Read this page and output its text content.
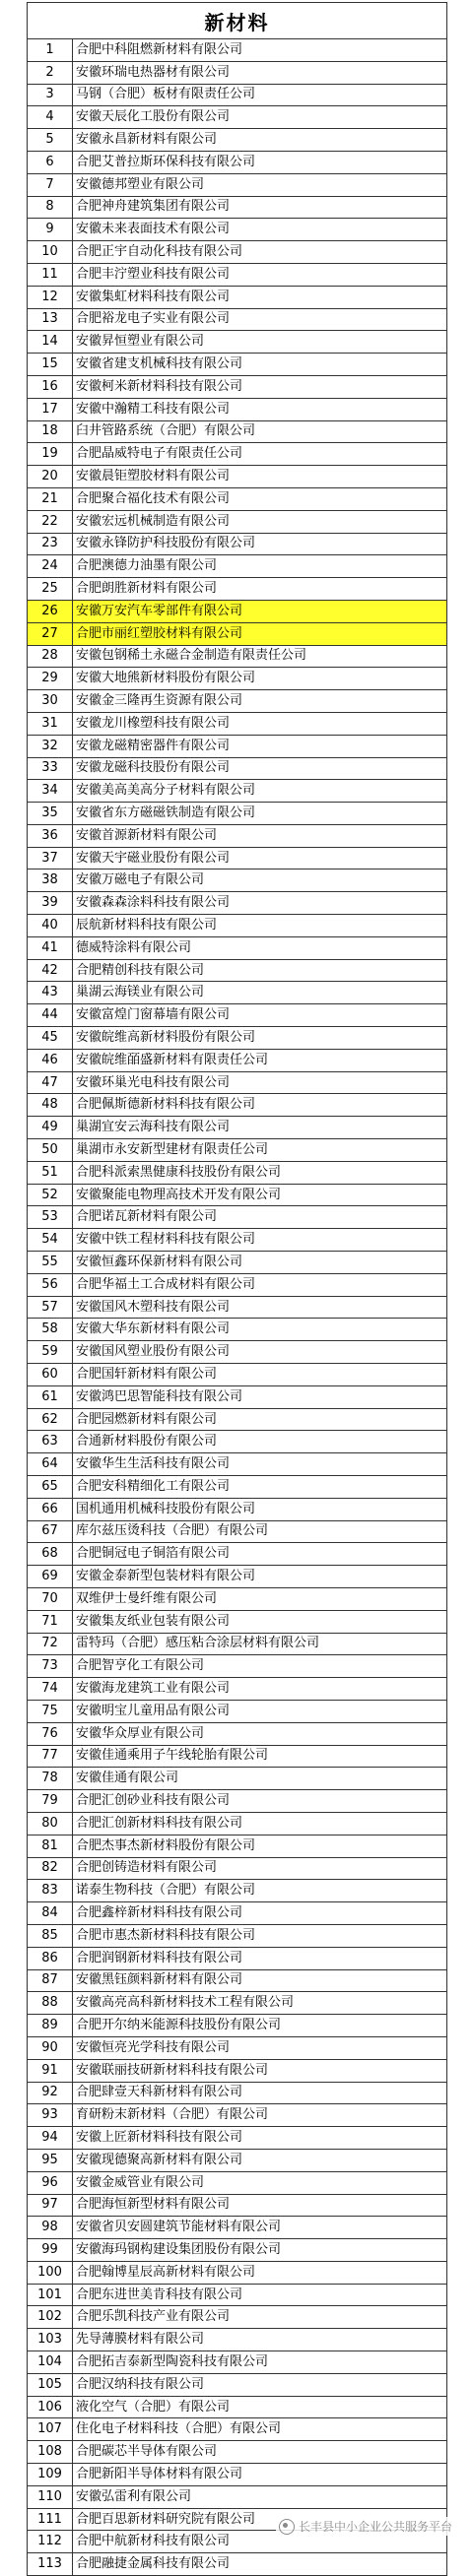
新材料	
1	合肥中科阻燃新材料有限公司
2	安徽环瑞电热器材有限公司
3	马钢（合肥）板材有限责任公司
4	安徽天辰化工股份有限公司
5	安徽永昌新材料有限公司
6	合肥艾普拉斯环保科技有限公司
7	安徽德邦塑业有限公司
8	合肥神舟建筑集团有限公司
9	安徽未来表面技术有限公司
10	合肥正宇自动化科技有限公司
11	合肥丰泞塑业科技有限公司
12	安徽集虹材料科技有限公司
13	合肥裕龙电子实业有限公司
14	安徽昇恒塑业有限公司
15	安徽省建支机械科技有限公司
16	安徽柯米新材料科技有限公司
17	安徽中瀚精工科技有限公司
18	臼井管路系统（合肥）有限公司
19	合肥晶威特电子有限责任公司
20	安徽晨钜塑胶材料有限公司
21	合肥聚合福化技术有限公司
22	安徽宏远机械制造有限公司
23	安徽永锋防护科技股份有限公司
24	合肥澳德力油墨有限公司
25	合肥朗胜新材料有限公司
26	安徽万安汽车零部件有限公司
27	合肥市丽红塑胶材料有限公司
28	安徽包钢稀土永磁合金制造有限责任公司
29	安徽大地熊新材料股份有限公司
30	安徽金三隆再生资源有限公司
31	安徽龙川橡塑科技有限公司
32	安徽龙磁精密器件有限公司
33	安徽龙磁科技股份有限公司
34	安徽美高美高分子材料有限公司
35	安徽省东方磁磁铁制造有限公司
36	安徽首源新材料有限公司
37	安徽天宇磁业股份有限公司
38	安徽万磁电子有限公司
39	安徽森森涂料科技有限公司
40	辰航新材料科技有限公司
41	德威特涂料有限公司
42	合肥精创科技有限公司
43	巢湖云海镁业有限公司
44	安徽富煌门窗幕墙有限公司
45	安徽皖维高新材料股份有限公司
46	安徽皖维皕盛新材料有限责任公司
47	安徽环巢光电科技有限公司
48	合肥佩斯德新材料科技有限公司
49	巢湖宜安云海科技有限公司
50	巢湖市永安新型建材有限责任公司
51	合肥科派索黑健康科技股份有限公司
52	安徽聚能电物理高技术开发有限公司
53	合肥诺瓦新材料有限公司
54	安徽中铁工程材料科技有限公司
55	安徽恒鑫环保新材料有限公司
56	合肥华福土工合成材料有限公司
57	安徽国风木塑科技有限公司
58	安徽大华东新材料有限公司
59	安徽国风塑业股份有限公司
60	合肥国轩新材料有限公司
61	安徽鸿巴思智能科技有限公司
62	合肥园燃新材料有限公司
63	合通新材料股份有限公司
64	安徽华生生活科技有限公司
65	合肥安科精细化工有限公司
66	国机通用机械科技股份有限公司
67	库尔兹压烫科技（合肥）有限公司
68	合肥铜冠电子铜箔有限公司
69	安徽金泰新型包装材料有限公司
70	双维伊士曼纤维有限公司
71	安徽集友纸业包装有限公司
72	雷特玛（合肥）感压粘合涂层材料有限公司
73	合肥智亨化工有限公司
74	安徽海龙建筑工业有限公司
75	安徽明宝儿童用品有限公司
76	安徽华众厚业有限公司
77	安徽佳通乘用子午线轮胎有限公司
78	安徽佳通有限公司
79	合肥汇创砂业科技有限公司
80	合肥汇创新材料科技有限公司
81	合肥杰事杰新材料股份有限公司
82	合肥创铸造材料有限公司
83	诺泰生物科技（合肥）有限公司
84	合肥鑫梓新材料科技有限公司
85	合肥市惠杰新材料科技有限公司
86	合肥润钢新材料科技有限公司
87	安徽黑钰颜料新材料有限公司
88	安徽高亮高科新材料技术工程有限公司
89	合肥开尔纳米能源科技股份有限公司
90	安徽恒亮光学科技有限公司
91	安徽联丽技研新材料科技有限公司
92	合肥肆壹天科新材料有限公司
93	育研粉末新材料（合肥）有限公司
94	安徽上匠新材料科技有限公司
95	安徽现德聚高新材料有限公司
96	安徽金威管业有限公司
97	合肥海恒新型材料有限公司
98	安徽省贝安圆建筑节能材料有限公司
99	安徽海玛钢构建设集团股份有限公司
100	合肥翰博星辰高新材料有限公司
101	合肥东进世美肯科技有限公司
102	合肥乐凯科技产业有限公司
103	先导薄膜材料有限公司
104	合肥拓吉泰新型陶瓷科技有限公司
105	合肥汉纳科技有限公司
106	液化空气（合肥）有限公司
107	住化电子材料科技（合肥）有限公司
108	合肥碳芯半导体有限公司
109	合肥新阳半导体材料有限公司
110	安徽弘雷利有限公司
111	合肥百思新材料研究院有限公司
112	合肥中航新材科技有限公司
113	合肥融捷金属科技有限公司
长丰县中小企业公共服务平台
